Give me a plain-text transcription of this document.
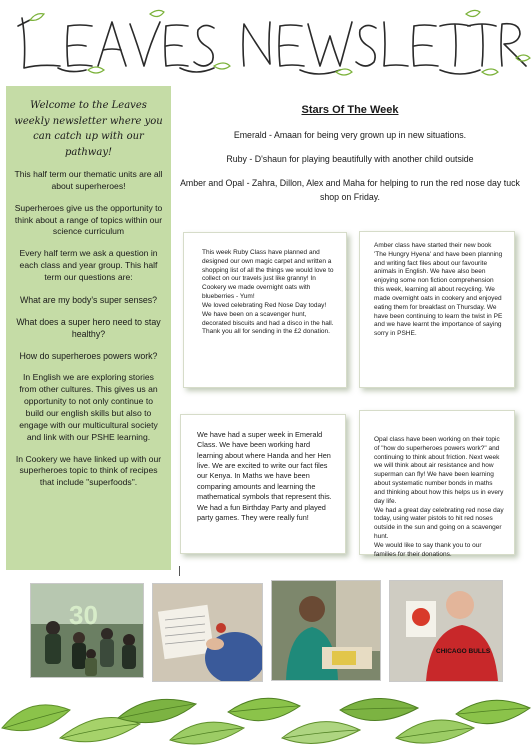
Welcome to the Leaves weekly newsletter where you can catch up with our pathway!

This half term our thematic units are all about superheroes!

Superheroes give us the opportunity to think about a range of topics within our science curriculum

Every half term we ask a question in each class and year group. This half term our questions are:

What are my body's super senses?

What does a super hero need to stay healthy?

How do superheroes powers work?

In English we are exploring stories from other cultures. This gives us an opportunity to not only continue to build our english skills but also to engage with our multicultural society and link with our PSHE learning.

In Cookery we have linked up with our superheroes topic to think of recipes that include "superfoods".

Stars Of The Week

Emerald - Amaan for being very grown up in new situations.

Ruby - D'shaun for playing beautifully with another child outside

Amber and Opal - Zahra, Dillon, Alex and Maha for helping to run the red nose day tuck shop on Friday.

This week Ruby Class have planned and designed our own magic carpet and written a shopping list of all the things we would love to collect on our travels just like granny! In Cookery we made overnight oats with blueberries - Yum!
We loved celebrating Red Nose Day today! We have been on a scavenger hunt, decorated biscuits and had a disco in the hall. Thank you all for sending in the £2 donation.

Amber class have started their new book 'The Hungry Hyena' and have been planning and writing fact files about our favourite animals in English. We have also been enjoying some non fiction comprehension this week, learning all about recycling. We made overnight oats in cookery and enjoyed eating them for breakfast on Thursday. We have been continuing to learn the twist in PE and we have learnt the importance of saying sorry in PSHE.

We have had a super week in Emerald Class. We have been working hard learning about where Handa and her Hen live. We are excited to write our fact files our Kenya. In Maths we have been comparing amounts and learning the mathematical symbols that represent this. We had a fun Birthday Party and played party games. They were really fun!

Opal class have been working on their topic of "how do superheroes powers work?" and continuing to think about friction. Next week we will think about air resistance and how superman can fly! We have been learning about systematic number bonds in maths and thinking about how this helps us in every day life.
We had a great day celebrating red nose day today, using water pistols to hit red noses outside in the sun and going on a scavenger hunt.
We would like to say thank you to our families for their donations.

30
CHICAGO BULLS
